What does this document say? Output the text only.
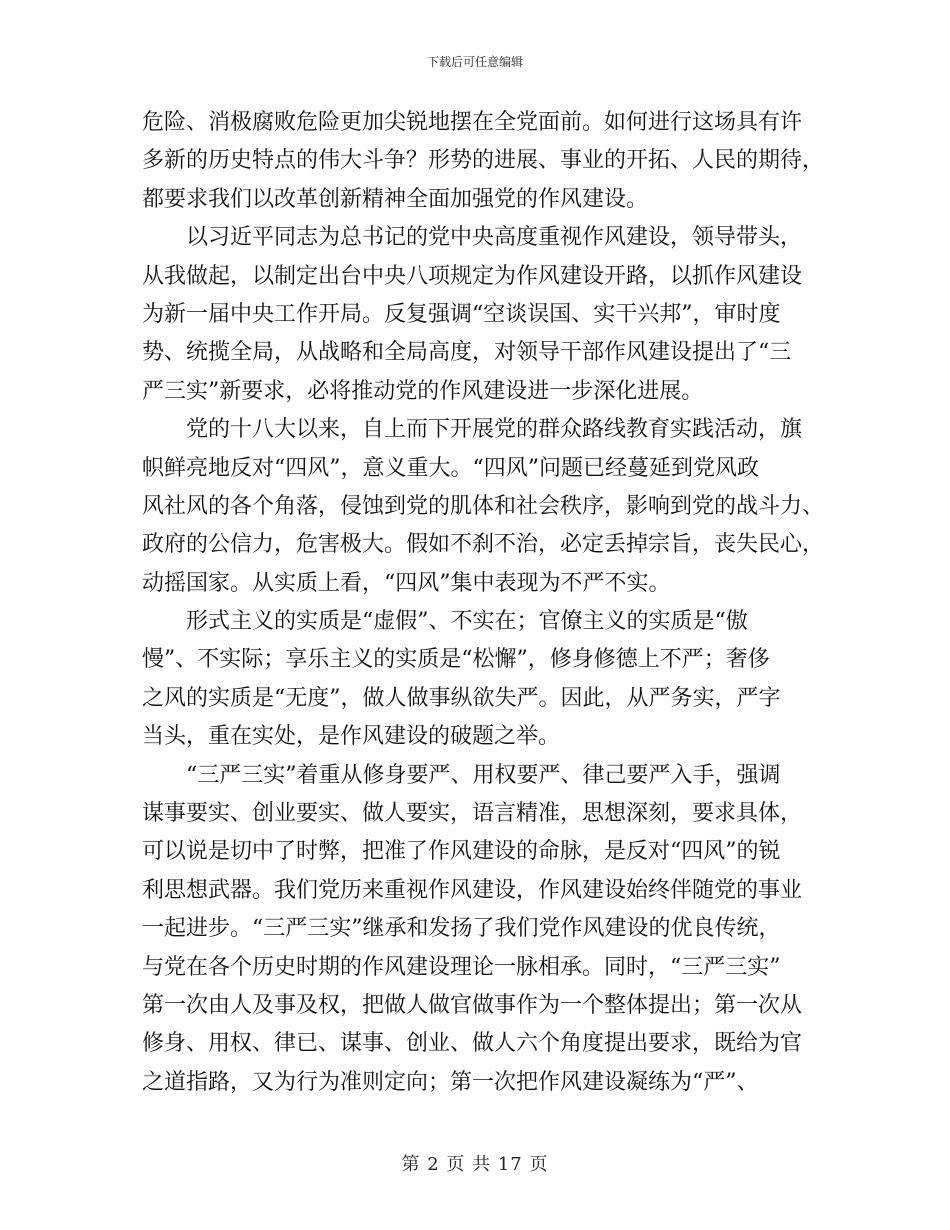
下载后可任意编辑
危险、消极腐败危险更加尖锐地摆在全党面前。如何进行这场具有许
多新的历史特点的伟大斗争？形势的进展、事业的开拓、人民的期待，
都要求我们以改革创新精神全面加强党的作风建设。
以习近平同志为总书记的党中央高度重视作风建设，领导带头，
从我做起，以制定出台中央八项规定为作风建设开路，以抓作风建设
为新一届中央工作开局。反复强调“空谈误国、实干兴邦”，审时度
势、统揽全局，从战略和全局高度，对领导干部作风建设提出了“三
严三实”新要求，必将推动党的作风建设进一步深化进展。
党的十八大以来，自上而下开展党的群众路线教育实践活动，旗
帜鲜亮地反对“四风”，意义重大。“四风”问题已经蔓延到党风政
风社风的各个角落，侵蚀到党的肌体和社会秩序，影响到党的战斗力、
政府的公信力，危害极大。假如不刹不治，必定丢掉宗旨，丧失民心，
动摇国家。从实质上看，“四风”集中表现为不严不实。
形式主义的实质是“虚假”、不实在；官僚主义的实质是“傲
慢”、不实际；享乐主义的实质是“松懈”，修身修德上不严；奢侈
之风的实质是“无度”，做人做事纵欲失严。因此，从严务实，严字
当头，重在实处，是作风建设的破题之举。
“三严三实”着重从修身要严、用权要严、律己要严入手，强调
谋事要实、创业要实、做人要实，语言精准，思想深刻，要求具体，
可以说是切中了时弊，把准了作风建设的命脉，是反对“四风”的锐
利思想武器。我们党历来重视作风建设，作风建设始终伴随党的事业
一起进步。“三严三实”继承和发扬了我们党作风建设的优良传统，
与党在各个历史时期的作风建设理论一脉相承。同时，“三严三实”
第一次由人及事及权，把做人做官做事作为一个整体提出；第一次从
修身、用权、律已、谋事、创业、做人六个角度提出要求，既给为官
之道指路，又为行为准则定向；第一次把作风建设凝练为“严”、
第 2 页 共 17 页
